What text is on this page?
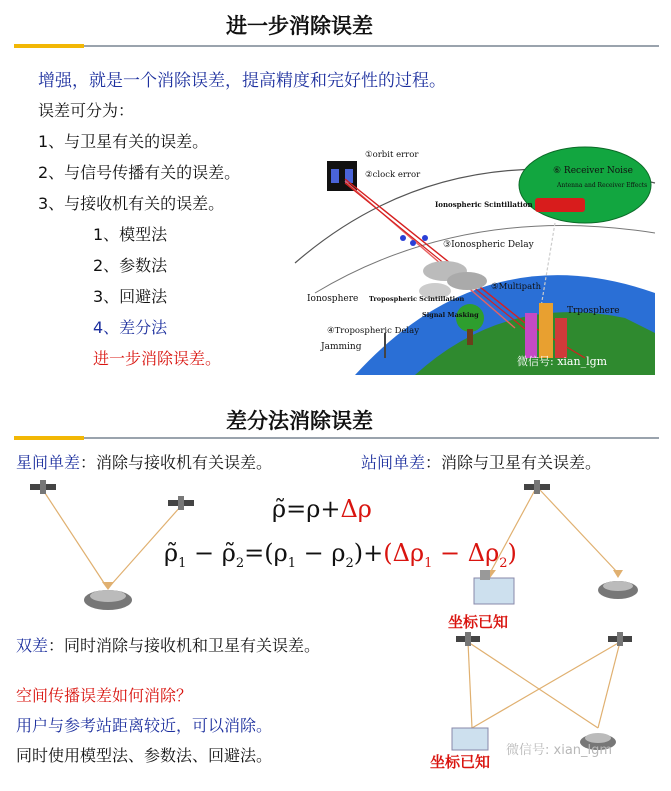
进一步消除误差
增强，就是一个消除误差，提高精度和完好性的过程。
误差可分为：
1、与卫星有关的误差。
2、与信号传播有关的误差。
3、与接收机有关的误差。
1、模型法
2、参数法
3、回避法
4、差分法
进一步消除误差。
①orbit error
②clock error
Ionospheric Scintillation
③Ionospheric Delay
⑥ Receiver Noise
Antenna and Receiver Effects
Ionosphere Tropospheric Scintillation
⑤Multipath
Trposphere
Signal Masking
④Tropospheric Delay
Jamming
微信号: xian_lgm
差分法消除误差
星间单差：消除与接收机有关误差。	站间单差：消除与卫星有关误差。
ρ̃=ρ+Δρ
$\rhõ_1$ − $\rhõ_2=(\rho_1 - \rho_2)+(\Delta\rho_1 - \Delta\rho_2)$
坐标已知
双差：同时消除与接收机和卫星有关误差。
坐标已知
微信号: xian_lgm
空间传播误差如何消除？
用户与参考站距离较近，可以消除。
同时使用模型法、参数法、回避法。
